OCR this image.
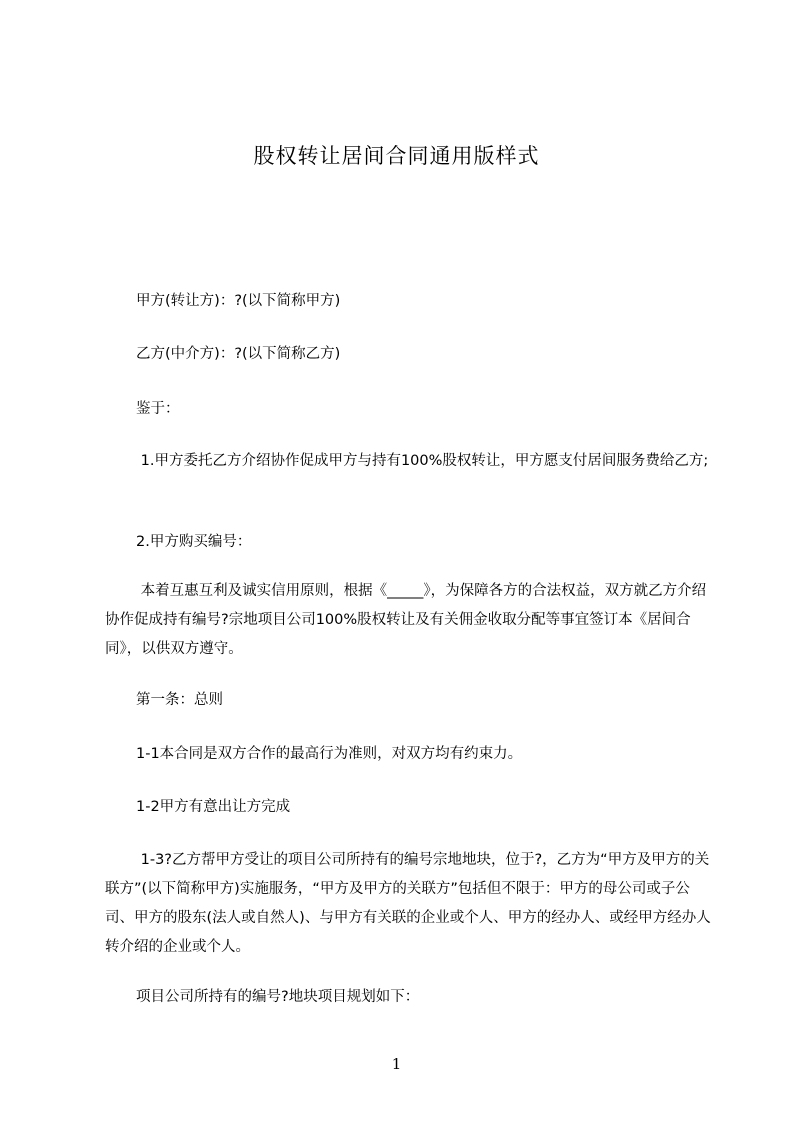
股权转让居间合同通用版样式
甲方(转让方)：?(以下简称甲方)
乙方(中介方)：?(以下简称乙方)
鉴于：
1.甲方委托乙方介绍协作促成甲方与持有100%股权转让，甲方愿支付居间服务费给乙方;
2.甲方购买编号：
本着互惠互利及诚实信用原则，根据《_____》，为保障各方的合法权益，双方就乙方介绍协作促成持有编号?宗地项目公司100%股权转让及有关佣金收取分配等事宜签订本《居间合同》，以供双方遵守。
第一条：总则
1-1本合同是双方合作的最高行为准则，对双方均有约束力。
1-2甲方有意出让方完成
1-3?乙方帮甲方受让的项目公司所持有的编号宗地地块，位于?，乙方为“甲方及甲方的关联方”(以下简称甲方)实施服务，“甲方及甲方的关联方”包括但不限于：甲方的母公司或子公司、甲方的股东(法人或自然人)、与甲方有关联的企业或个人、甲方的经办人、或经甲方经办人转介绍的企业或个人。
项目公司所持有的编号?地块项目规划如下：
1
